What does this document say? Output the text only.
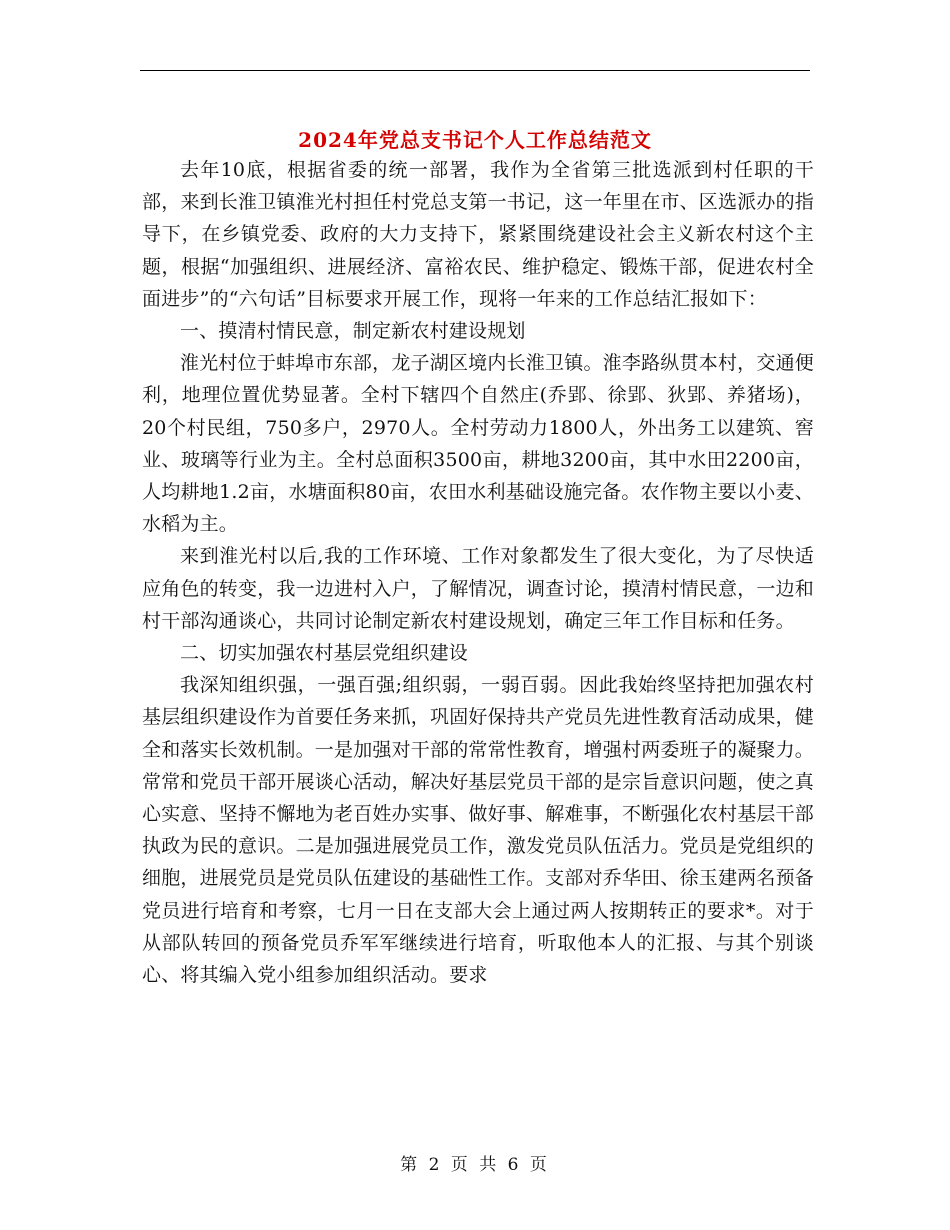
2024年党总支书记个人工作总结范文

去年10底，根据省委的统一部署，我作为全省第三批选派到村任职的干部，来到长淮卫镇淮光村担任村党总支第一书记，这一年里在市、区选派办的指导下，在乡镇党委、政府的大力支持下，紧紧围绕建设社会主义新农村这个主题，根据“加强组织、进展经济、富裕农民、维护稳定、锻炼干部，促进农村全面进步”的“六句话”目标要求开展工作，现将一年来的工作总结汇报如下：

一、摸清村情民意，制定新农村建设规划

淮光村位于蚌埠市东部，龙子湖区境内长淮卫镇。淮李路纵贯本村，交通便利，地理位置优势显著。全村下辖四个自然庄(乔郢、徐郢、狄郢、养猪场)，20个村民组，750多户，2970人。全村劳动力1800人，外出务工以建筑、窖业、玻璃等行业为主。全村总面积3500亩，耕地3200亩，其中水田2200亩，人均耕地1.2亩，水塘面积80亩，农田水利基础设施完备。农作物主要以小麦、水稻为主。

来到淮光村以后,我的工作环境、工作对象都发生了很大变化，为了尽快适应角色的转变，我一边进村入户，了解情况，调查讨论，摸清村情民意，一边和村干部沟通谈心，共同讨论制定新农村建设规划，确定三年工作目标和任务。

二、切实加强农村基层党组织建设

我深知组织强，一强百强;组织弱，一弱百弱。因此我始终坚持把加强农村基层组织建设作为首要任务来抓，巩固好保持共产党员先进性教育活动成果，健全和落实长效机制。一是加强对干部的常常性教育，增强村两委班子的凝聚力。常常和党员干部开展谈心活动，解决好基层党员干部的是宗旨意识问题，使之真心实意、坚持不懈地为老百姓办实事、做好事、解难事，不断强化农村基层干部执政为民的意识。二是加强进展党员工作，激发党员队伍活力。党员是党组织的细胞，进展党员是党员队伍建设的基础性工作。支部对乔华田、徐玉建两名预备党员进行培育和考察，七月一日在支部大会上通过两人按期转正的要求*。对于从部队转回的预备党员乔军军继续进行培育，听取他本人的汇报、与其个别谈心、将其编入党小组参加组织活动。要求

第 2 页 共 6 页
